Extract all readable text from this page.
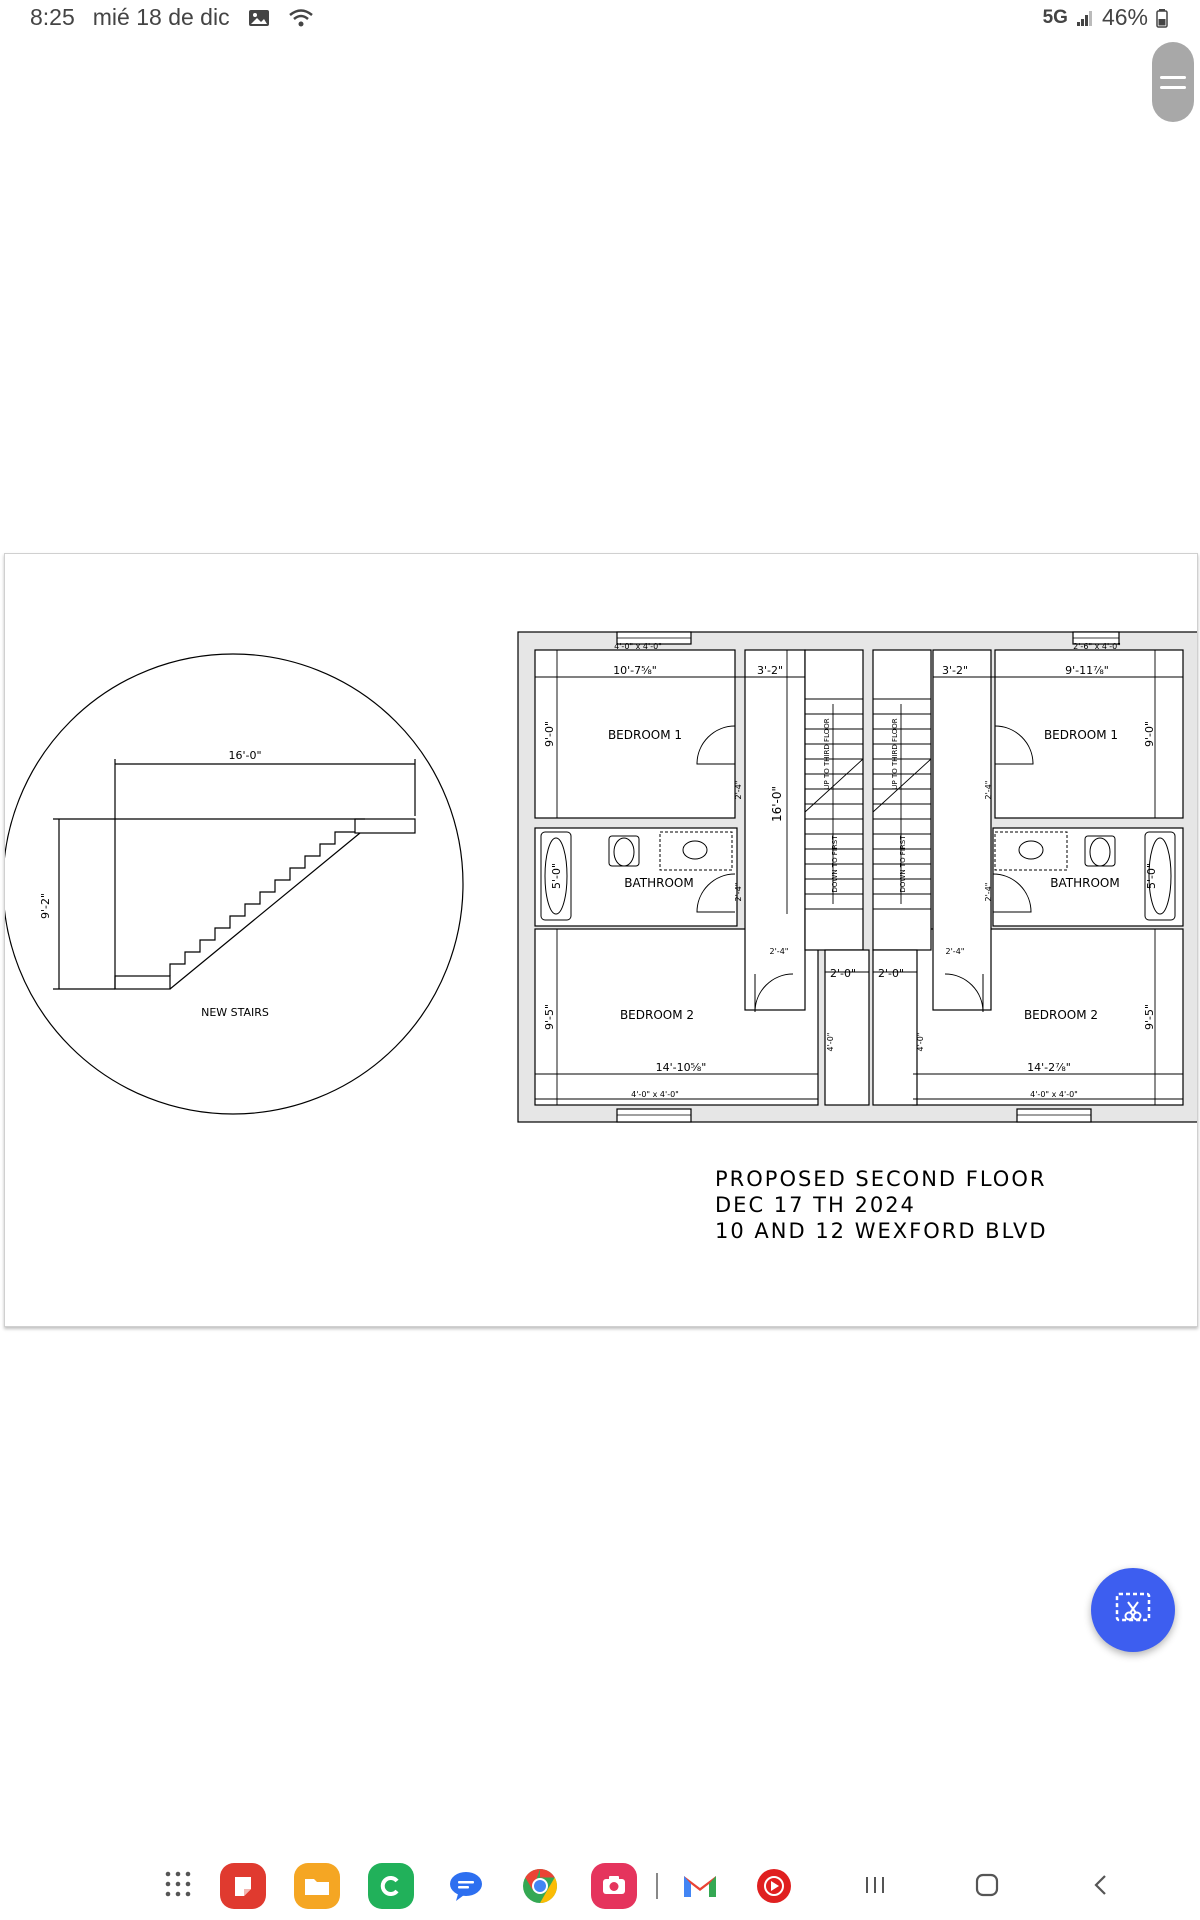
8:25 mié 18 de dic	5G 46%
16'-0"
9'-2"
NEW STAIRS
4'-0" x 4'-0"
10'-7⅝"	3'-2"
BEDROOM 1
9'-0"
2'-4" 16'-0"
UP TO THIRD FLOOR
DOWN TO FIRST
5'-0"	BATHROOM	2'-4"
2'-4"
2'-0"
4'-0"
BEDROOM 2
9'-5"
14'-10⅝"
4'-0" x 4'-0"
2'-6" x 4'-0"
9'-11⅞"
3'-2"
BEDROOM 1 9'-0"
2'-4"
UP TO THIRD FLOOR
DOWN TO FIRST	5'-0"
BATHROOM
2'-4"
2'-4"
2'-0"
4'-0"
BEDROOM 2	9'-5"
14'-2⅞"
4'-0" x 4'-0"
PROPOSED SECOND FLOOR
DEC 17 TH 2024
10 AND 12 WEXFORD BLVD
